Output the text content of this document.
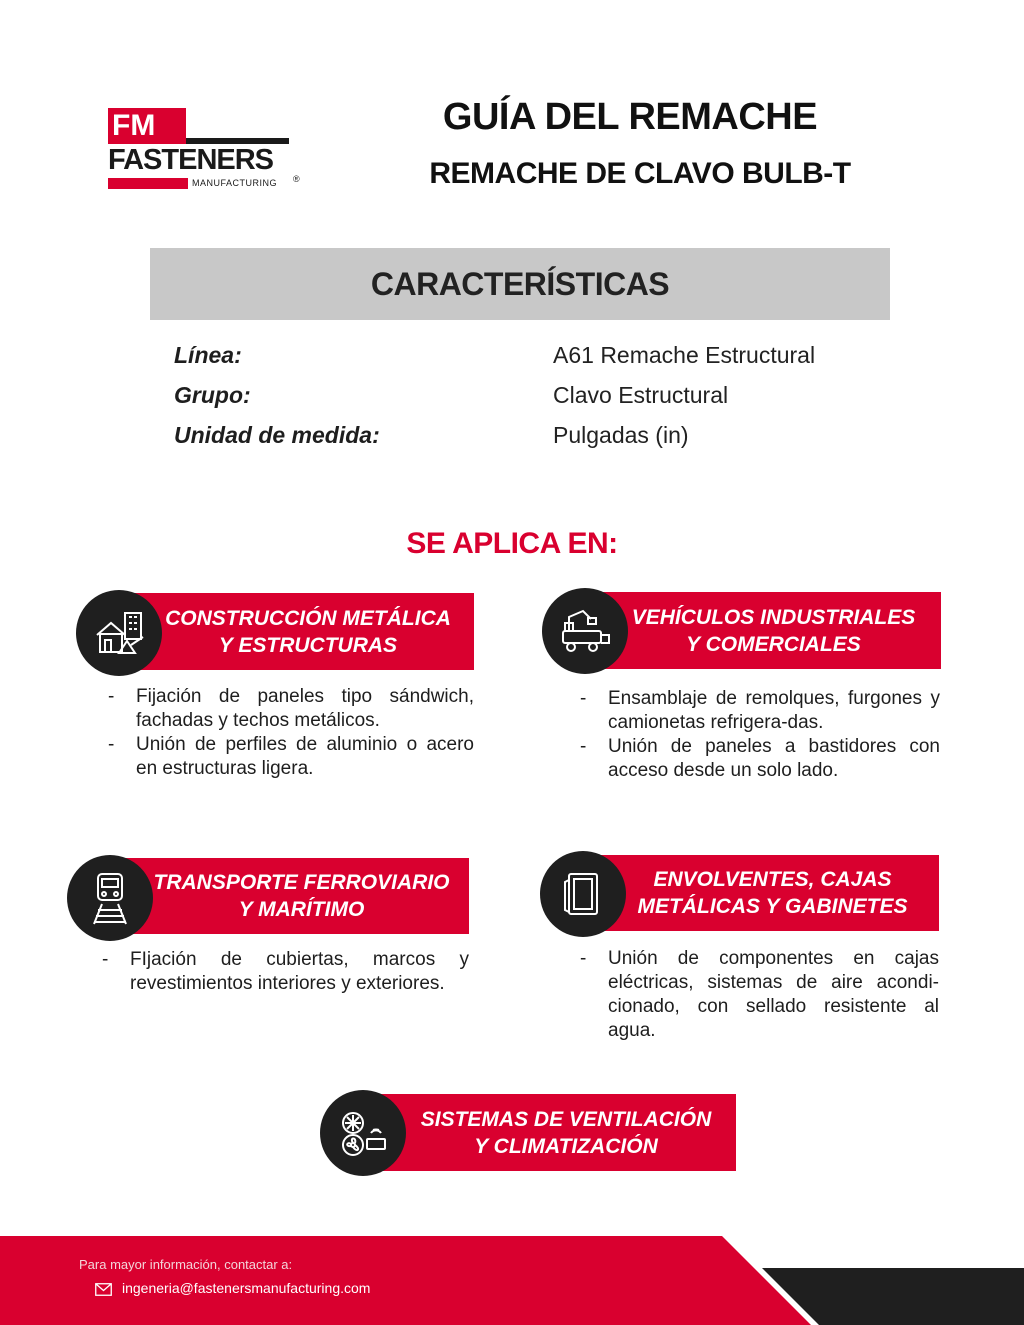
FM
FASTENERS
MANUFACTURING	®
GUÍA DEL REMACHE
REMACHE DE CLAVO BULB-T
CARACTERÍSTICAS
Línea:	A61 Remache Estructural
Grupo:	Clavo Estructural
Unidad de medida:	Pulgadas (in)
SE APLICA EN:
CONSTRUCCIÓN METÁLICA
Y ESTRUCTURAS
- Fijación de paneles tipo sándwich, fachadas y techos metálicos.
- Unión de perfiles de aluminio o acero en estructuras ligera.
VEHÍCULOS INDUSTRIALES
Y COMERCIALES
- Ensamblaje de remolques, furgones y camionetas refrigera-das.
- Unión de paneles a bastidores con acceso desde un solo lado.
TRANSPORTE FERROVIARIO
Y MARÍTIMO
- FIjación de cubiertas, marcos y revestimientos interiores y exteriores.
ENVOLVENTES, CAJAS
METÁLICAS Y GABINETES
- Unión de componentes en cajas eléctricas, sistemas de aire acondi-cionado, con sellado resistente al agua.
SISTEMAS DE VENTILACIÓN
Y CLIMATIZACIÓN
Para mayor información, contactar a:
ingeneria@fastenersmanufacturing.com
